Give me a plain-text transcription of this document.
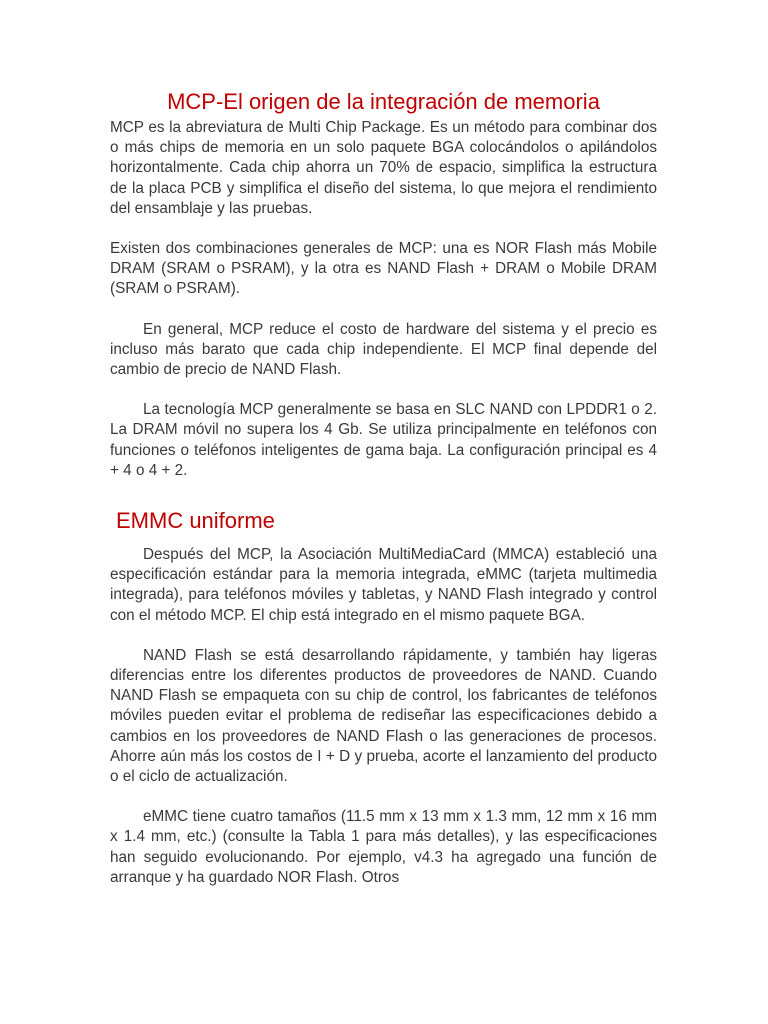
MCP-El origen de la integración de memoria

MCP es la abreviatura de Multi Chip Package. Es un método para combinar dos o más chips de memoria en un solo paquete BGA colocándolos o apilándolos horizontalmente. Cada chip ahorra un 70% de espacio, simplifica la estructura de la placa PCB y simplifica el diseño del sistema, lo que mejora el rendimiento del ensamblaje y las pruebas.

Existen dos combinaciones generales de MCP: una es NOR Flash más Mobile DRAM (SRAM o PSRAM), y la otra es NAND Flash + DRAM o Mobile DRAM (SRAM o PSRAM).

En general, MCP reduce el costo de hardware del sistema y el precio es incluso más barato que cada chip independiente. El MCP final depende del cambio de precio de NAND Flash.

La tecnología MCP generalmente se basa en SLC NAND con LPDDR1 o 2. La DRAM móvil no supera los 4 Gb. Se utiliza principalmente en teléfonos con funciones o teléfonos inteligentes de gama baja. La configuración principal es 4 + 4 o 4 + 2.

EMMC uniforme

Después del MCP, la Asociación MultiMediaCard (MMCA) estableció una especificación estándar para la memoria integrada, eMMC (tarjeta multimedia integrada), para teléfonos móviles y tabletas, y NAND Flash integrado y control con el método MCP. El chip está integrado en el mismo paquete BGA.

NAND Flash se está desarrollando rápidamente, y también hay ligeras diferencias entre los diferentes productos de proveedores de NAND. Cuando NAND Flash se empaqueta con su chip de control, los fabricantes de teléfonos móviles pueden evitar el problema de rediseñar las especificaciones debido a cambios en los proveedores de NAND Flash o las generaciones de procesos. Ahorre aún más los costos de I + D y prueba, acorte el lanzamiento del producto o el ciclo de actualización.

eMMC tiene cuatro tamaños (11.5 mm x 13 mm x 1.3 mm, 12 mm x 16 mm x 1.4 mm, etc.) (consulte la Tabla 1 para más detalles), y las especificaciones han seguido evolucionando. Por ejemplo, v4.3 ha agregado una función de arranque y ha guardado NOR Flash. Otros
